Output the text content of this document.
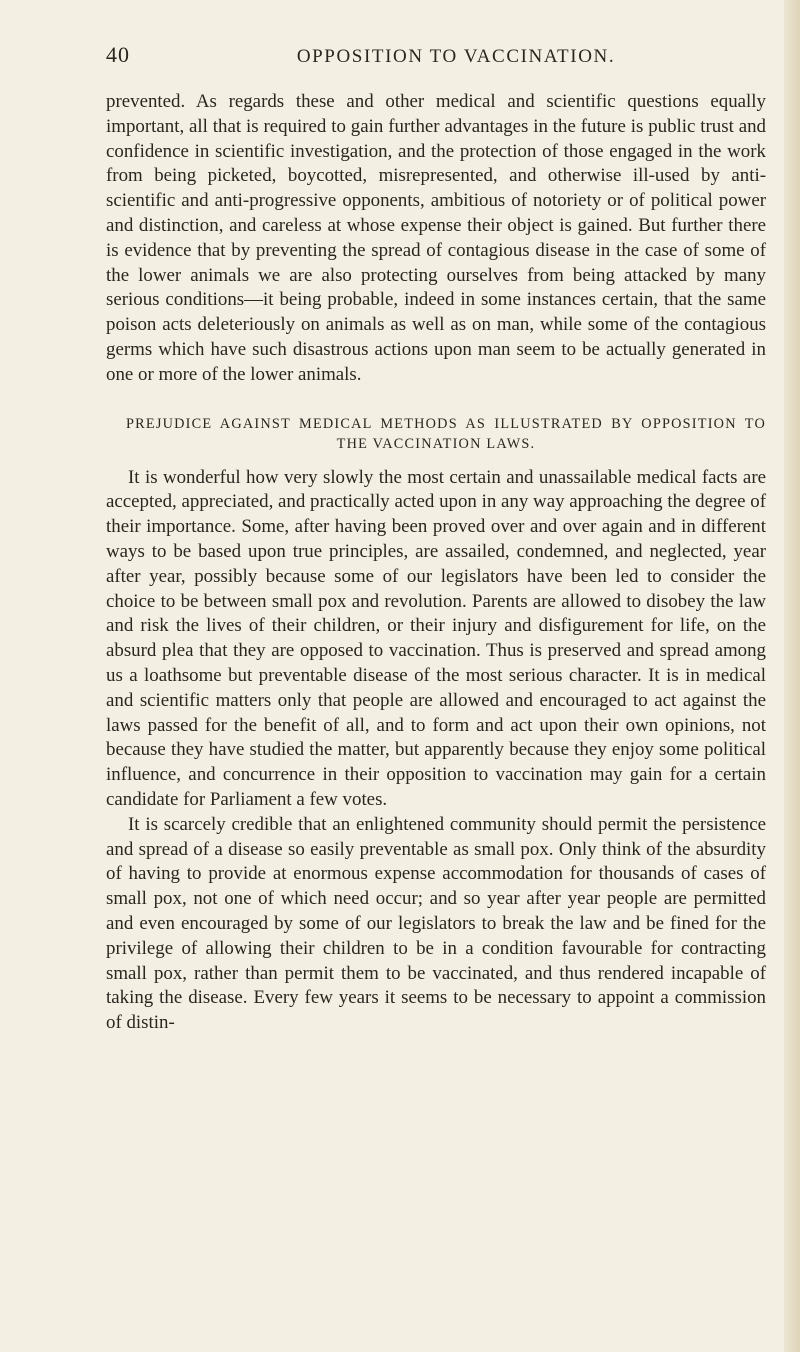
40	OPPOSITION TO VACCINATION.

prevented. As regards these and other medical and scientific questions equally important, all that is required to gain further advantages in the future is public trust and confidence in scientific investigation, and the protection of those engaged in the work from being picketed, boycotted, misrepresented, and otherwise ill-used by anti-scientific and anti-progressive opponents, ambitious of notoriety or of political power and distinction, and careless at whose expense their object is gained. But further there is evidence that by preventing the spread of contagious disease in the case of some of the lower animals we are also protecting ourselves from being attacked by many serious conditions—it being probable, indeed in some instances certain, that the same poison acts deleteriously on animals as well as on man, while some of the contagious germs which have such disastrous actions upon man seem to be actually generated in one or more of the lower animals.

PREJUDICE AGAINST MEDICAL METHODS AS ILLUSTRATED BY OPPOSITION TO THE VACCINATION LAWS.

It is wonderful how very slowly the most certain and unassailable medical facts are accepted, appreciated, and practically acted upon in any way approaching the degree of their importance. Some, after having been proved over and over again and in different ways to be based upon true principles, are assailed, condemned, and neglected, year after year, possibly because some of our legislators have been led to consider the choice to be between small pox and revolution. Parents are allowed to disobey the law and risk the lives of their children, or their injury and disfigurement for life, on the absurd plea that they are opposed to vaccination. Thus is preserved and spread among us a loathsome but preventable disease of the most serious character. It is in medical and scientific matters only that people are allowed and encouraged to act against the laws passed for the benefit of all, and to form and act upon their own opinions, not because they have studied the matter, but apparently because they enjoy some political influence, and concurrence in their opposition to vaccination may gain for a certain candidate for Parliament a few votes.

It is scarcely credible that an enlightened community should permit the persistence and spread of a disease so easily preventable as small pox. Only think of the absurdity of having to provide at enormous expense accommodation for thousands of cases of small pox, not one of which need occur; and so year after year people are permitted and even encouraged by some of our legislators to break the law and be fined for the privilege of allowing their children to be in a condition favourable for contracting small pox, rather than permit them to be vaccinated, and thus rendered incapable of taking the disease. Every few years it seems to be necessary to appoint a commission of distin-
